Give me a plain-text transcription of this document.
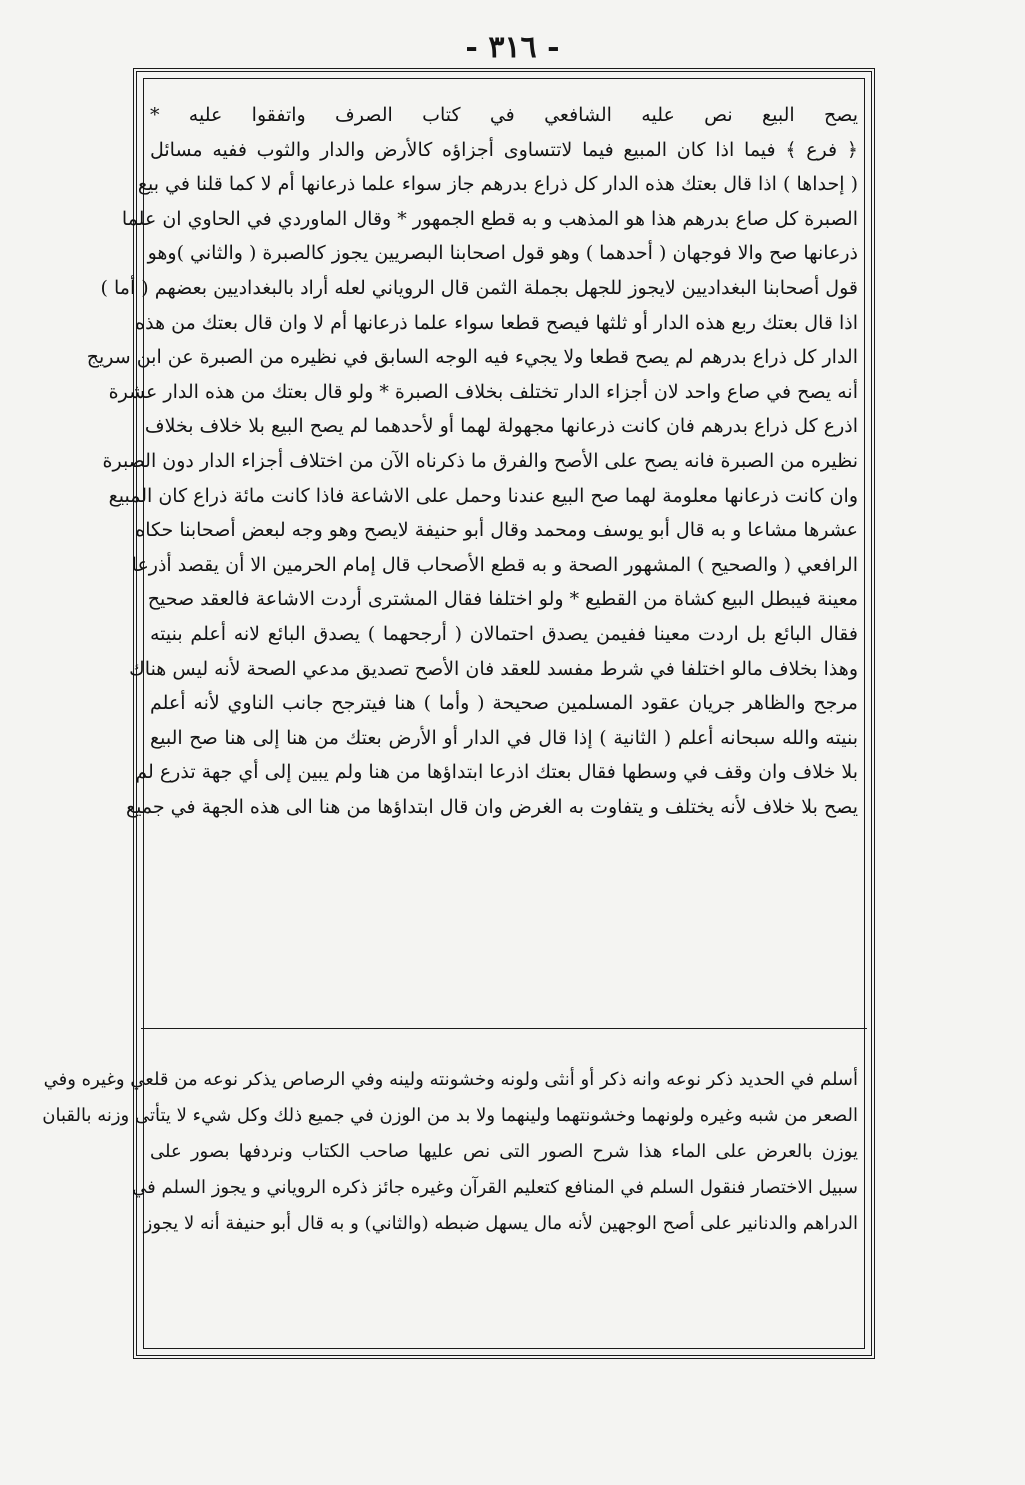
- ٣١٦ -
يصح البيع نص عليه الشافعي في كتاب الصرف واتفقوا عليه *
﴿ فرع ﴾ فيما اذا كان المبيع فيما لاتتساوى أجزاؤه كالأرض والدار والثوب ففيه مسائل
( إحداها ) اذا قال بعتك هذه الدار كل ذراع بدرهم جاز سواء علما ذرعانها أم لا كما قلنا في بيع
الصبرة كل صاع بدرهم هذا هو المذهب و به قطع الجمهور * وقال الماوردي في الحاوي ان علما
ذرعانها صح والا فوجهان ( أحدهما ) وهو قول اصحابنا البصريين يجوز كالصبرة ( والثاني )وهو
قول أصحابنا البغداديين لايجوز للجهل بجملة الثمن قال الروياني لعله أراد بالبغداديين بعضهم ( أما )
اذا قال بعتك ربع هذه الدار أو ثلثها فيصح قطعا سواء علما ذرعانها أم لا وان قال بعتك من هذه
الدار كل ذراع بدرهم لم يصح قطعا ولا يجيء فيه الوجه السابق في نظيره من الصبرة عن ابن سريج
أنه يصح في صاع واحد لان أجزاء الدار تختلف بخلاف الصبرة * ولو قال بعتك من هذه الدار عشرة
اذرع كل ذراع بدرهم فان كانت ذرعانها مجهولة لهما أو لأحدهما لم يصح البيع بلا خلاف بخلاف
نظيره من الصبرة فانه يصح على الأصح والفرق ما ذكرناه الآن من اختلاف أجزاء الدار دون الصبرة
وان كانت ذرعانها معلومة لهما صح البيع عندنا وحمل على الاشاعة فاذا كانت مائة ذراع كان المبيع
عشرها مشاعا و به قال أبو يوسف ومحمد وقال أبو حنيفة لايصح وهو وجه لبعض أصحابنا حكاه
الرافعي ( والصحيح ) المشهور الصحة و به قطع الأصحاب قال إمام الحرمين الا أن يقصد أذرعا
معينة فيبطل البيع كشاة من القطيع * ولو اختلفا فقال المشترى أردت الاشاعة فالعقد صحيح
فقال البائع بل اردت معينا ففيمن يصدق احتمالان ( أرجحهما ) يصدق البائع لانه أعلم بنيته
وهذا بخلاف مالو اختلفا في شرط مفسد للعقد فان الأصح تصديق مدعي الصحة لأنه ليس هناك
مرجح والظاهر جريان عقود المسلمين صحيحة ( وأما ) هنا فيترجح جانب الناوي لأنه أعلم
بنيته والله سبحانه أعلم ( الثانية ) إذا قال في الدار أو الأرض بعتك من هنا إلى هنا صح البيع
بلا خلاف وان وقف في وسطها فقال بعتك اذرعا ابتداؤها من هنا ولم يبين إلى أي جهة تذرع لم
يصح بلا خلاف لأنه يختلف و يتفاوت به الغرض وان قال ابتداؤها من هنا الى هذه الجهة في جميع
أسلم في الحديد ذكر نوعه وانه ذكر أو أنثى ولونه وخشونته ولينه وفي الرصاص يذكر نوعه من قلعي وغيره وفي
الصعر من شبه وغيره ولونهما وخشونتهما ولينهما ولا بد من الوزن في جميع ذلك وكل شيء لا يتأتى وزنه بالقبان
يوزن بالعرض على الماء هذا شرح الصور التى نص عليها صاحب الكتاب ونردفها بصور على
سبيل الاختصار فنقول السلم في المنافع كتعليم القرآن وغيره جائز ذكره الروياني و يجوز السلم في
الدراهم والدنانير على أصح الوجهين لأنه مال يسهل ضبطه (والثاني) و به قال أبو حنيفة أنه لا يجوز
